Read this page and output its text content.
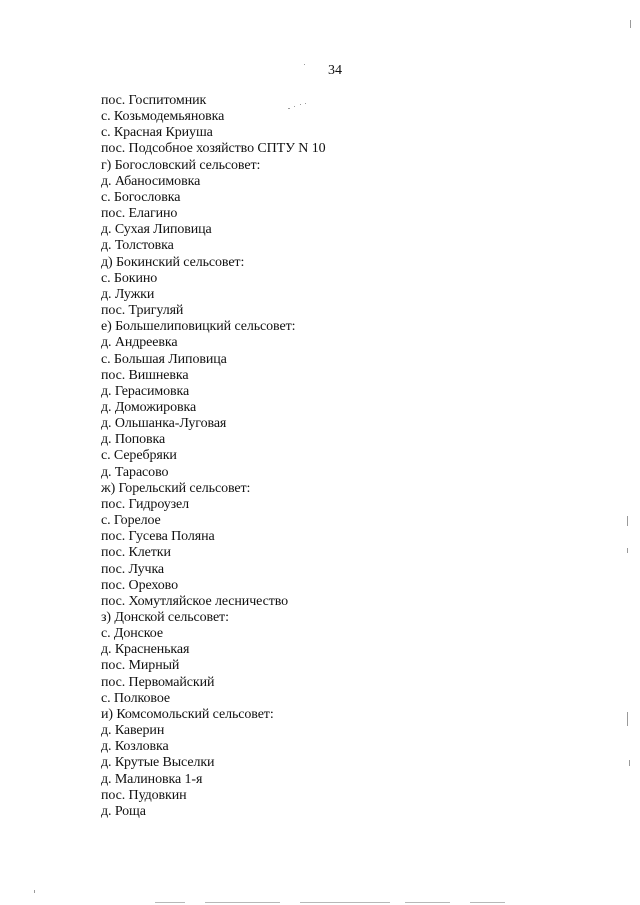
34
пос. Госпитомник
с. Козьмодемьяновка
с. Красная Криуша
пос. Подсобное хозяйство СПТУ N 10
г) Богословский сельсовет:
д. Абаносимовка
с. Богословка
пос. Елагино
д. Сухая Липовица
д. Толстовка
д) Бокинский сельсовет:
с. Бокино
д. Лужки
пос. Тригуляй
е) Большелиповицкий сельсовет:
д. Андреевка
с. Большая Липовица
пос. Вишневка
д. Герасимовка
д. Доможировка
д. Ольшанка-Луговая
д. Поповка
с. Серебряки
д. Тарасово
ж) Горельский сельсовет:
пос. Гидроузел
с. Горелое
пос. Гусева Поляна
пос. Клетки
пос. Лучка
пос. Орехово
пос. Хомутляйское лесничество
з) Донской сельсовет:
с. Донское
д. Красненькая
пос. Мирный
пос. Первомайский
с. Полковое
и) Комсомольский сельсовет:
д. Каверин
д. Козловка
д. Крутые Выселки
д. Малиновка 1-я
пос. Пудовкин
д. Роща
